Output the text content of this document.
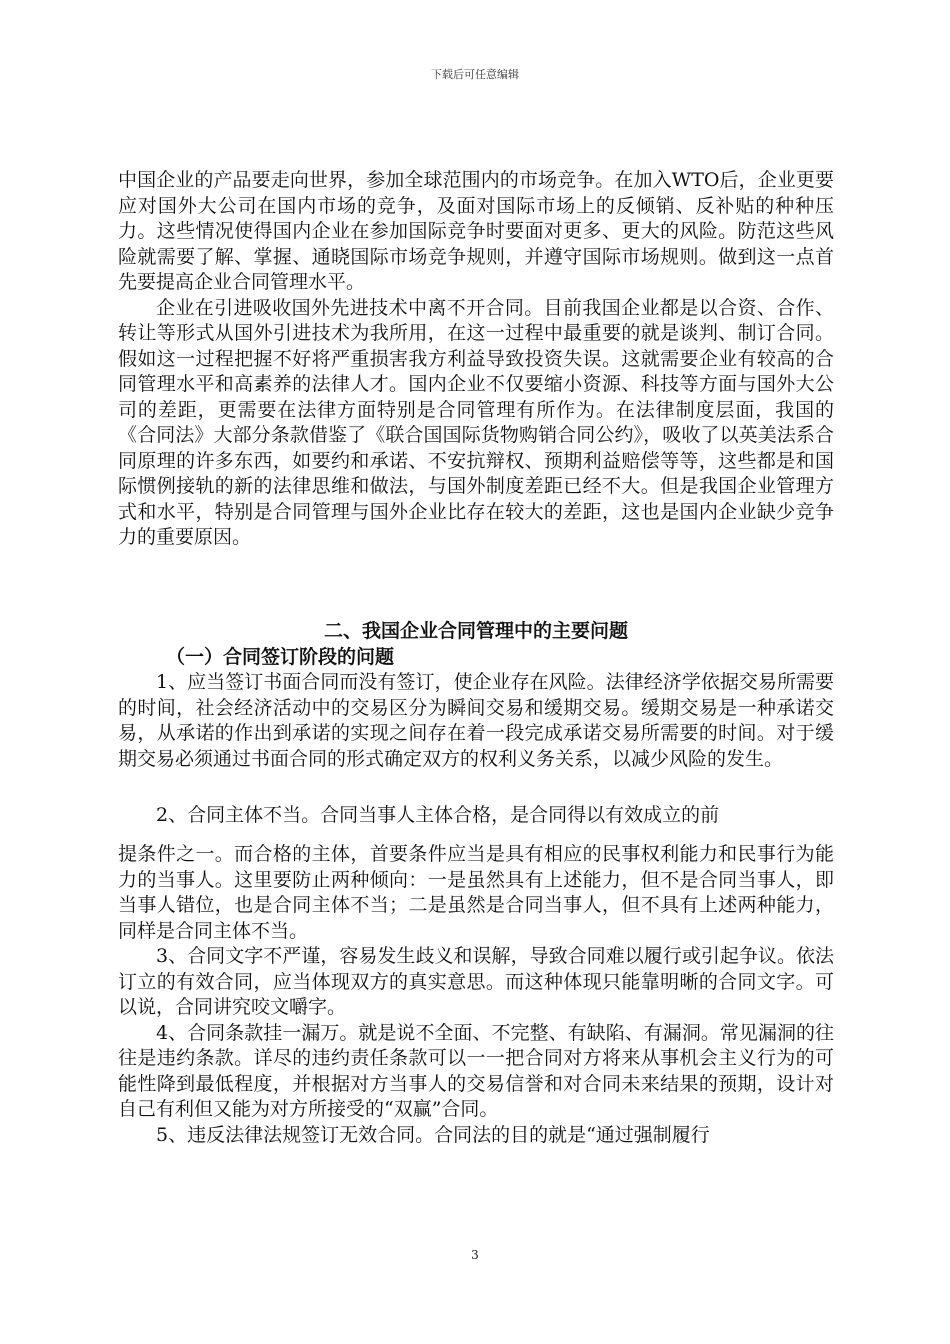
下载后可任意编辑

中国企业的产品要走向世界，参加全球范围内的市场竞争。在加入WTO后，企业更要应对国外大公司在国内市场的竞争，及面对国际市场上的反倾销、反补贴的种种压力。这些情况使得国内企业在参加国际竞争时要面对更多、更大的风险。防范这些风险就需要了解、掌握、通晓国际市场竞争规则，并遵守国际市场规则。做到这一点首先要提高企业合同管理水平。

企业在引进吸收国外先进技术中离不开合同。目前我国企业都是以合资、合作、转让等形式从国外引进技术为我所用，在这一过程中最重要的就是谈判、制订合同。假如这一过程把握不好将严重损害我方利益导致投资失误。这就需要企业有较高的合同管理水平和高素养的法律人才。国内企业不仅要缩小资源、科技等方面与国外大公司的差距，更需要在法律方面特别是合同管理有所作为。在法律制度层面，我国的《合同法》大部分条款借鉴了《联合国国际货物购销合同公约》，吸收了以英美法系合同原理的许多东西，如要约和承诺、不安抗辩权、预期利益赔偿等等，这些都是和国际惯例接轨的新的法律思维和做法，与国外制度差距已经不大。但是我国企业管理方式和水平，特别是合同管理与国外企业比存在较大的差距，这也是国内企业缺少竞争力的重要原因。

二、我国企业合同管理中的主要问题

（一）合同签订阶段的问题

1、应当签订书面合同而没有签订，使企业存在风险。法律经济学依据交易所需要的时间，社会经济活动中的交易区分为瞬间交易和缓期交易。缓期交易是一种承诺交易，从承诺的作出到承诺的实现之间存在着一段完成承诺交易所需要的时间。对于缓期交易必须通过书面合同的形式确定双方的权利义务关系，以减少风险的发生。

2、合同主体不当。合同当事人主体合格，是合同得以有效成立的前

提条件之一。而合格的主体，首要条件应当是具有相应的民事权利能力和民事行为能力的当事人。这里要防止两种倾向：一是虽然具有上述能力，但不是合同当事人，即当事人错位，也是合同主体不当；二是虽然是合同当事人，但不具有上述两种能力，同样是合同主体不当。

3、合同文字不严谨，容易发生歧义和误解，导致合同难以履行或引起争议。依法订立的有效合同，应当体现双方的真实意思。而这种体现只能靠明晰的合同文字。可以说，合同讲究咬文嚼字。

4、合同条款挂一漏万。就是说不全面、不完整、有缺陷、有漏洞。常见漏洞的往往是违约条款。详尽的违约责任条款可以一一把合同对方将来从事机会主义行为的可能性降到最低程度，并根据对方当事人的交易信誉和对合同未来结果的预期，设计对自己有利但又能为对方所接受的“双赢”合同。

5、违反法律法规签订无效合同。合同法的目的就是“通过强制履行

3
